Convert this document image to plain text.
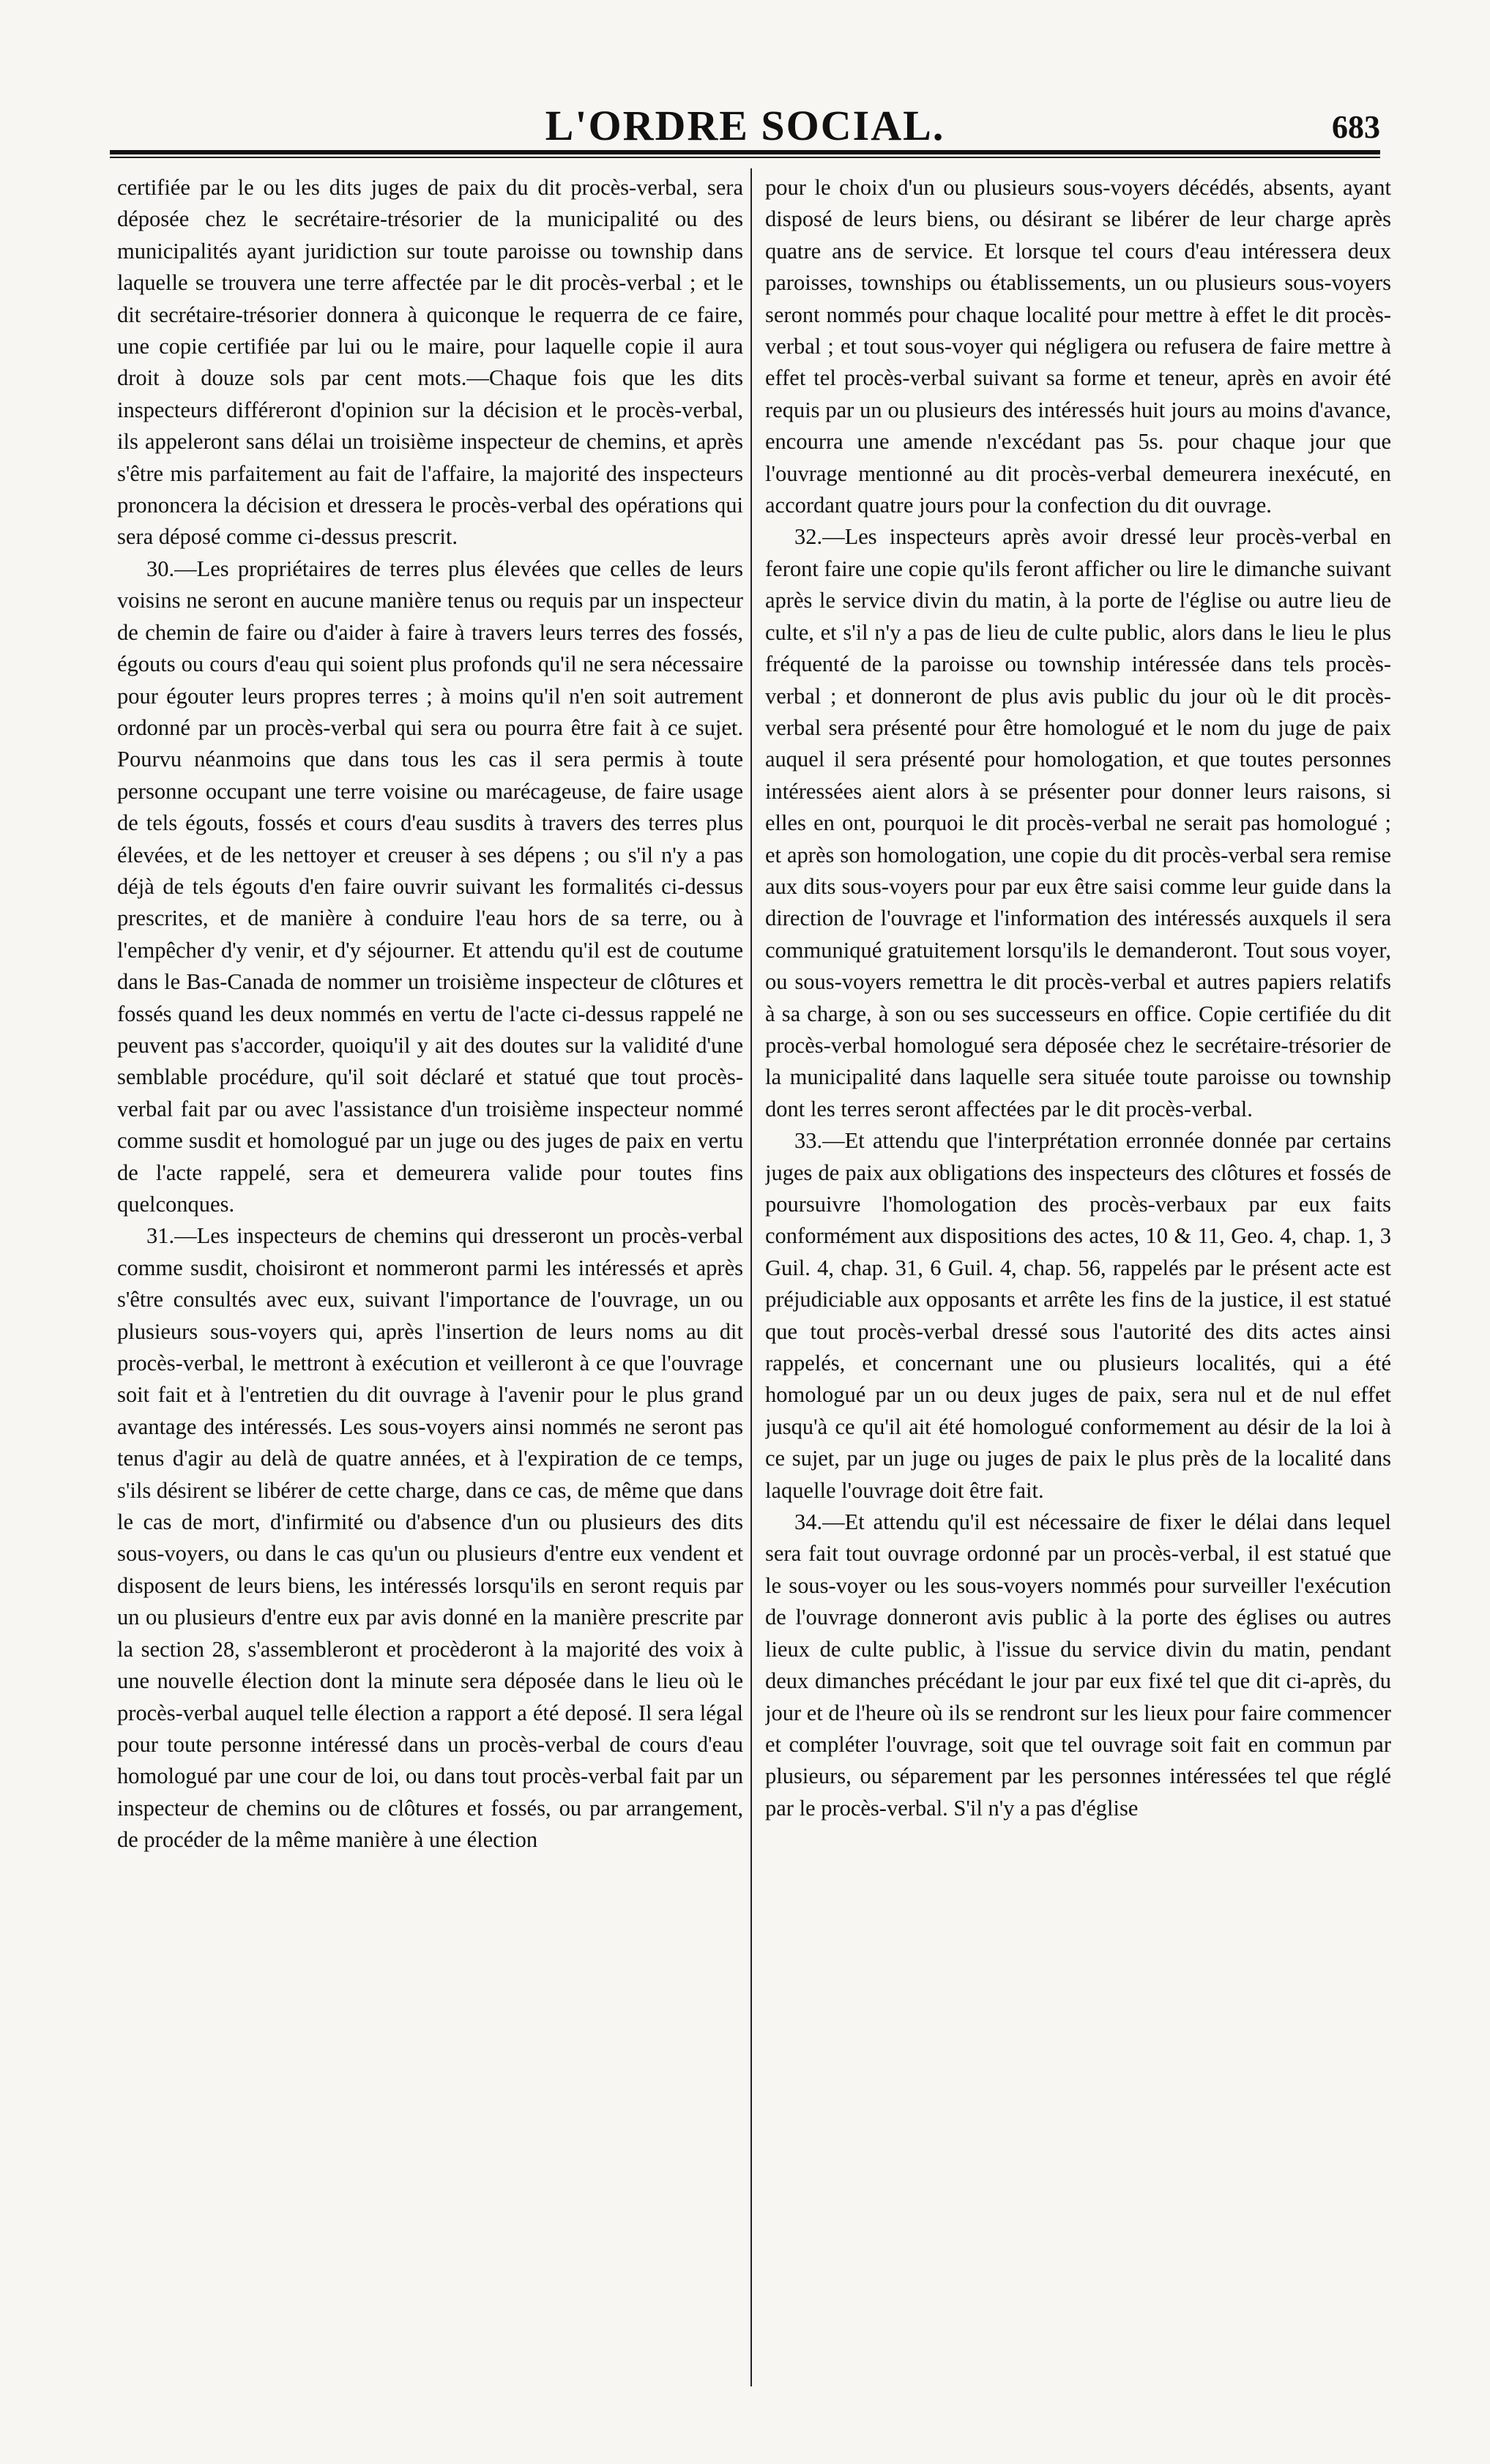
L'ORDRE SOCIAL.	683

certifiée par le ou les dits juges de paix du dit procès-verbal, sera déposée chez le secrétaire-trésorier de la municipalité ou des municipalités ayant juridiction sur toute paroisse ou township dans laquelle se trouvera une terre affectée par le dit procès-verbal ; et le dit secrétaire-trésorier donnera à quiconque le requerra de ce faire, une copie certifiée par lui ou le maire, pour laquelle copie il aura droit à douze sols par cent mots.—Chaque fois que les dits inspecteurs différeront d'opinion sur la décision et le procès-verbal, ils appeleront sans délai un troisième inspecteur de chemins, et après s'être mis parfaitement au fait de l'affaire, la majorité des inspecteurs prononcera la décision et dressera le procès-verbal des opérations qui sera déposé comme ci-dessus prescrit.

30.—Les propriétaires de terres plus élevées que celles de leurs voisins ne seront en aucune manière tenus ou requis par un inspecteur de chemin de faire ou d'aider à faire à travers leurs terres des fossés, égouts ou cours d'eau qui soient plus profonds qu'il ne sera nécessaire pour égouter leurs propres terres ; à moins qu'il n'en soit autrement ordonné par un procès-verbal qui sera ou pourra être fait à ce sujet. Pourvu néanmoins que dans tous les cas il sera permis à toute personne occupant une terre voisine ou marécageuse, de faire usage de tels égouts, fossés et cours d'eau susdits à travers des terres plus élevées, et de les nettoyer et creuser à ses dépens ; ou s'il n'y a pas déjà de tels égouts d'en faire ouvrir suivant les formalités ci-dessus prescrites, et de manière à conduire l'eau hors de sa terre, ou à l'empêcher d'y venir, et d'y séjourner. Et attendu qu'il est de coutume dans le Bas-Canada de nommer un troisième inspecteur de clôtures et fossés quand les deux nommés en vertu de l'acte ci-dessus rappelé ne peuvent pas s'accorder, quoiqu'il y ait des doutes sur la validité d'une semblable procédure, qu'il soit déclaré et statué que tout procès-verbal fait par ou avec l'assistance d'un troisième inspecteur nommé comme susdit et homologué par un juge ou des juges de paix en vertu de l'acte rappelé, sera et demeurera valide pour toutes fins quelconques.

31.—Les inspecteurs de chemins qui dresseront un procès-verbal comme susdit, choisiront et nommeront parmi les intéressés et après s'être consultés avec eux, suivant l'importance de l'ouvrage, un ou plusieurs sous-voyers qui, après l'insertion de leurs noms au dit procès-verbal, le mettront à exécution et veilleront à ce que l'ouvrage soit fait et à l'entretien du dit ouvrage à l'avenir pour le plus grand avantage des intéressés. Les sous-voyers ainsi nommés ne seront pas tenus d'agir au delà de quatre années, et à l'expiration de ce temps, s'ils désirent se libérer de cette charge, dans ce cas, de même que dans le cas de mort, d'infirmité ou d'absence d'un ou plusieurs des dits sous-voyers, ou dans le cas qu'un ou plusieurs d'entre eux vendent et disposent de leurs biens, les intéressés lorsqu'ils en seront requis par un ou plusieurs d'entre eux par avis donné en la manière prescrite par la section 28, s'assembleront et procèderont à la majorité des voix à une nouvelle élection dont la minute sera déposée dans le lieu où le procès-verbal auquel telle élection a rapport a été deposé. Il sera légal pour toute personne intéressé dans un procès-verbal de cours d'eau homologué par une cour de loi, ou dans tout procès-verbal fait par un inspecteur de chemins ou de clôtures et fossés, ou par arrangement, de procéder de la même manière à une élection

pour le choix d'un ou plusieurs sous-voyers décédés, absents, ayant disposé de leurs biens, ou désirant se libérer de leur charge après quatre ans de service. Et lorsque tel cours d'eau intéressera deux paroisses, townships ou établissements, un ou plusieurs sous-voyers seront nommés pour chaque localité pour mettre à effet le dit procès-verbal ; et tout sous-voyer qui négligera ou refusera de faire mettre à effet tel procès-verbal suivant sa forme et teneur, après en avoir été requis par un ou plusieurs des intéressés huit jours au moins d'avance, encourra une amende n'excédant pas 5s. pour chaque jour que l'ouvrage mentionné au dit procès-verbal demeurera inexécuté, en accordant quatre jours pour la confection du dit ouvrage.

32.—Les inspecteurs après avoir dressé leur procès-verbal en feront faire une copie qu'ils feront afficher ou lire le dimanche suivant après le service divin du matin, à la porte de l'église ou autre lieu de culte, et s'il n'y a pas de lieu de culte public, alors dans le lieu le plus fréquenté de la paroisse ou township intéressée dans tels procès-verbal ; et donneront de plus avis public du jour où le dit procès-verbal sera présenté pour être homologué et le nom du juge de paix auquel il sera présenté pour homologation, et que toutes personnes intéressées aient alors à se présenter pour donner leurs raisons, si elles en ont, pourquoi le dit procès-verbal ne serait pas homologué ; et après son homologation, une copie du dit procès-verbal sera remise aux dits sous-voyers pour par eux être saisi comme leur guide dans la direction de l'ouvrage et l'information des intéressés auxquels il sera communiqué gratuitement lorsqu'ils le demanderont. Tout sous voyer, ou sous-voyers remettra le dit procès-verbal et autres papiers relatifs à sa charge, à son ou ses successeurs en office. Copie certifiée du dit procès-verbal homologué sera déposée chez le secrétaire-trésorier de la municipalité dans laquelle sera située toute paroisse ou township dont les terres seront affectées par le dit procès-verbal.

33.—Et attendu que l'interprétation erronnée donnée par certains juges de paix aux obligations des inspecteurs des clôtures et fossés de poursuivre l'homologation des procès-verbaux par eux faits conformément aux dispositions des actes, 10 & 11, Geo. 4, chap. 1, 3 Guil. 4, chap. 31, 6 Guil. 4, chap. 56, rappelés par le présent acte est préjudiciable aux opposants et arrête les fins de la justice, il est statué que tout procès-verbal dressé sous l'autorité des dits actes ainsi rappelés, et concernant une ou plusieurs localités, qui a été homologué par un ou deux juges de paix, sera nul et de nul effet jusqu'à ce qu'il ait été homologué conformement au désir de la loi à ce sujet, par un juge ou juges de paix le plus près de la localité dans laquelle l'ouvrage doit être fait.

34.—Et attendu qu'il est nécessaire de fixer le délai dans lequel sera fait tout ouvrage ordonné par un procès-verbal, il est statué que le sous-voyer ou les sous-voyers nommés pour surveiller l'exécution de l'ouvrage donneront avis public à la porte des églises ou autres lieux de culte public, à l'issue du service divin du matin, pendant deux dimanches précédant le jour par eux fixé tel que dit ci-après, du jour et de l'heure où ils se rendront sur les lieux pour faire commencer et compléter l'ouvrage, soit que tel ouvrage soit fait en commun par plusieurs, ou séparement par les personnes intéressées tel que réglé par le procès-verbal. S'il n'y a pas d'église
